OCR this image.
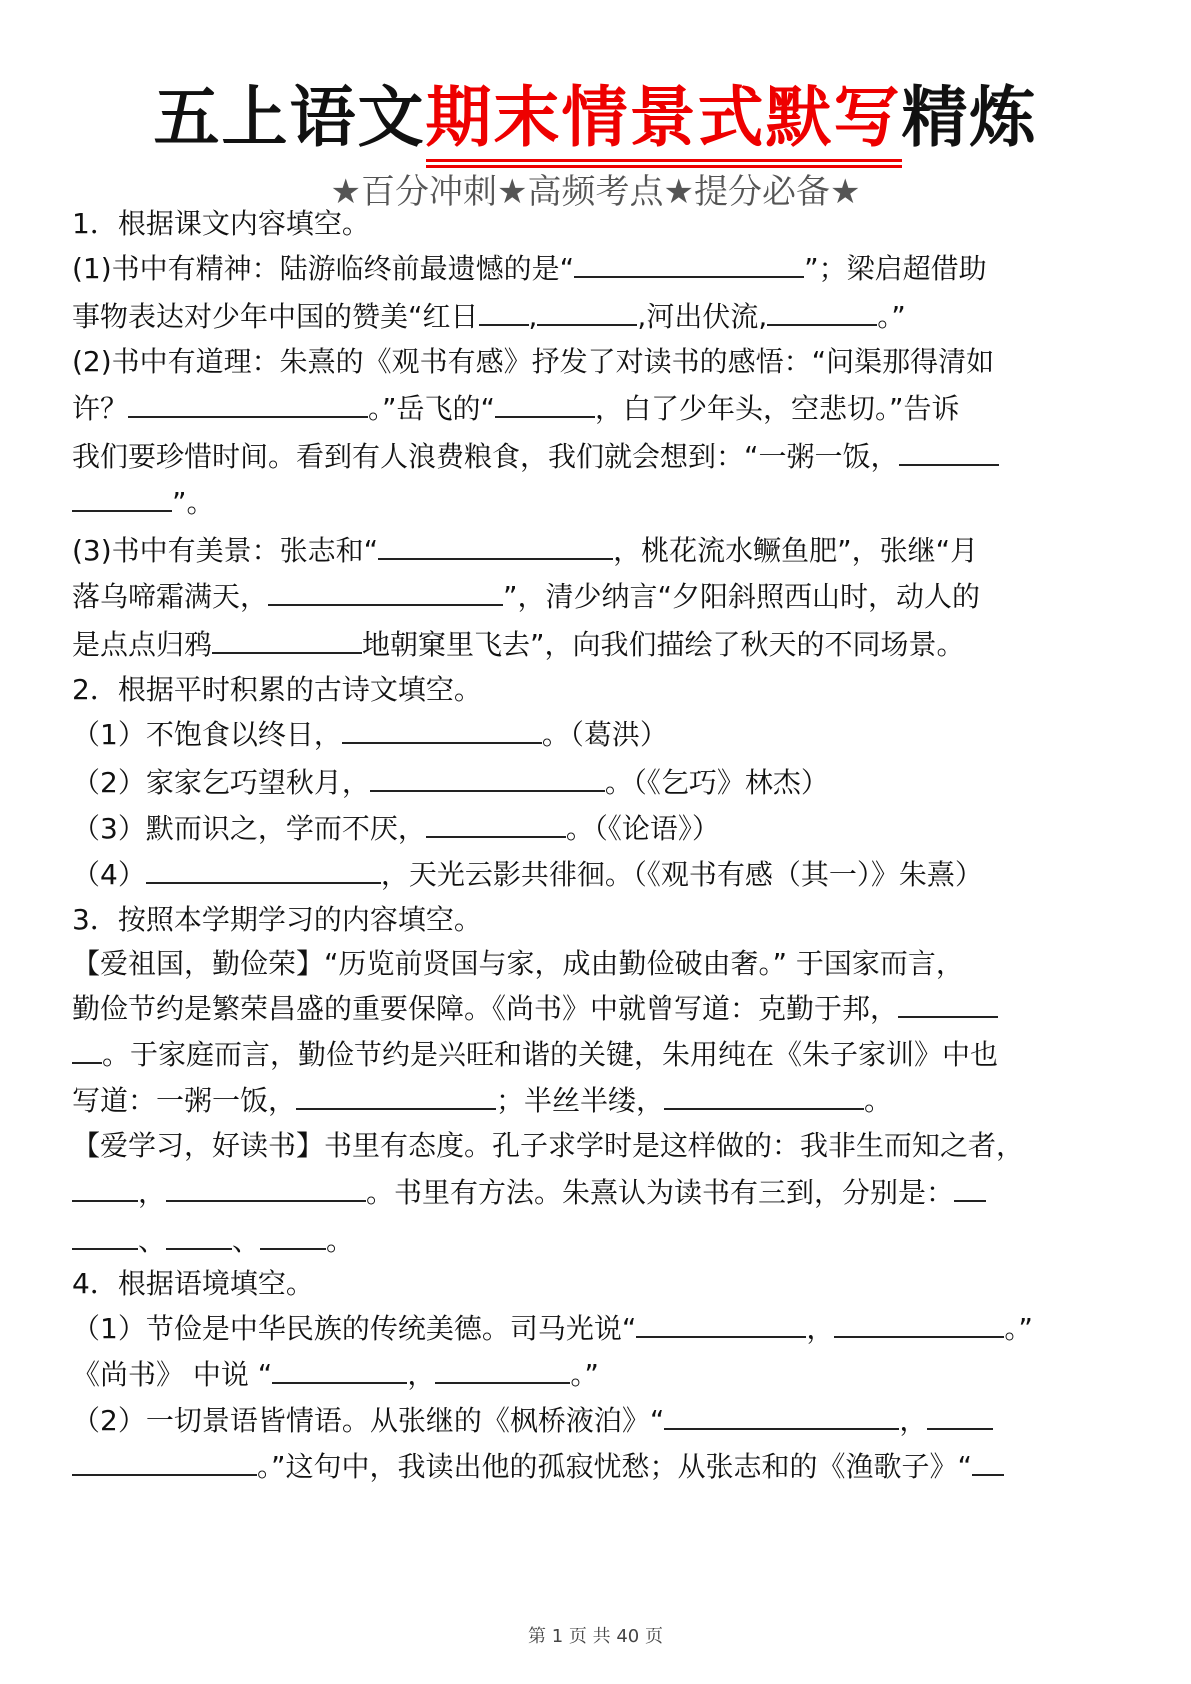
五上语文期末情景式默写精炼
★百分冲刺★高频考点★提分必备★
1．根据课文内容填空。
(1)书中有精神：陆游临终前最遗憾的是“	”；梁启超借助
事物表达对少年中国的赞美“红日 ,	,河出伏流,	。”
(2)书中有道理：朱熹的《观书有感》抒发了对读书的感悟：“问渠那得清如
许？	。”岳飞的“	，白了少年头，空悲切。”告诉
我们要珍惜时间。看到有人浪费粮食，我们就会想到：“一粥一饭，
”。
(3)书中有美景：张志和“	，桃花流水鳜鱼肥”，张继“月
落乌啼霜满天，	”，清少纳言“夕阳斜照西山时，动人的
是点点归鸦	地朝窠里飞去”，向我们描绘了秋天的不同场景。
2．根据平时积累的古诗文填空。
（1）不饱食以终日，	。（葛洪）
（2）家家乞巧望秋月，	。（《乞巧》林杰）
（3）默而识之，学而不厌，	。（《论语》）
（4）	，天光云影共徘徊。（《观书有感（其一）》朱熹）
3．按照本学期学习的内容填空。
【爱祖国，勤俭荣】“历览前贤国与家，成由勤俭破由奢。” 于国家而言，
勤俭节约是繁荣昌盛的重要保障。《尚书》中就曾写道：克勤于邦，
。于家庭而言，勤俭节约是兴旺和谐的关键，朱用纯在《朱子家训》中也
写道：一粥一饭，	；半丝半缕，	。
【爱学习，好读书】书里有态度。孔子求学时是这样做的：我非生而知之者，
，	。书里有方法。朱熹认为读书有三到，分别是：
、 、 。
4．根据语境填空。
（1）节俭是中华民族的传统美德。司马光说“	，	。”
《尚书》 中说 “	，	。”
（2）一切景语皆情语。从张继的《枫桥液泊》“	，
。”这句中，我读出他的孤寂忧愁；从张志和的《渔歌子》“
第 1 页 共 40 页
